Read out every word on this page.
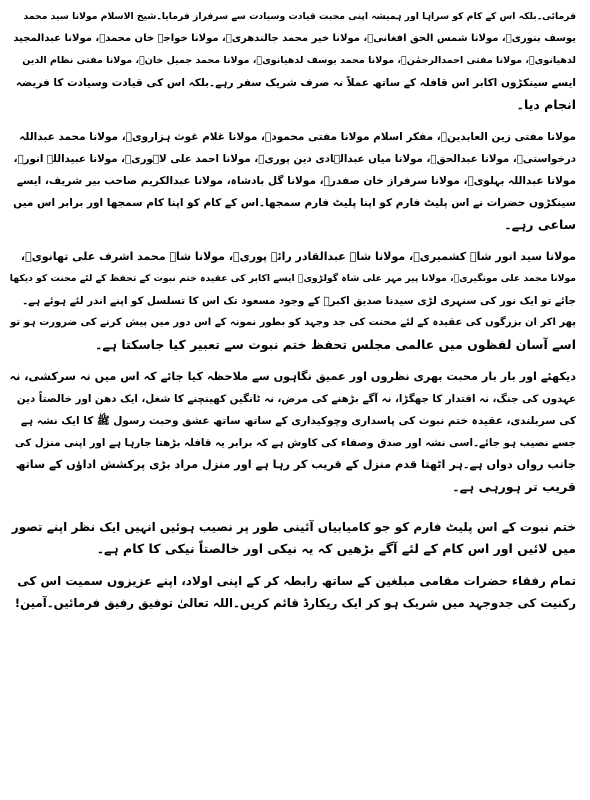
فرمائی۔بلکہ اس کے کام کو سراہا اور ہمیشہ اپنی محبت قیادت وسیادت سے سرفراز فرمایا۔شیخ الاسلام مولانا سید محمد
یوسف بنوریؒ، مولانا شمس الحق افغانیؒ، مولانا خیر محمد جالندھریؒ، مولانا خواجہ خان محمدؒ، مولانا عبدالمجید
لدھیانویؒ، مولانا مفتی احمدالرحمٰنؒ، مولانا محمد یوسف لدھیانویؒ، مولانا محمد جمیل خانؒ، مولانا مفتی نظام الدین
ایسے سینکڑوں اکابر اس قافلہ کے ساتھ عملاً نہ صرف شریک سفر رہے۔بلکہ اس کی قیادت وسیادت کا فریضہ
انجام دیا۔
مولانا مفتی زین العابدینؒ، مفکر اسلام مولانا مفتی محمودؒ، مولانا غلام غوث ہزارویؒ، مولانا محمد عبداللہ
درخواستیؒ، مولانا عبدالحقؒ، مولانا میاں عبدالہادی دین پوریؒ، مولانا احمد علی لاہوریؒ، مولانا عبیداللہ انورؒ،
مولانا عبداللہ بہلویؒ، مولانا سرفراز خان صفدرؒ، مولانا گل بادشاہ، مولانا عبدالکریم صاحب بیر شریف، ایسے
سینکڑوں حضرات نے اس پلیٹ فارم کو اپنا پلیٹ فارم سمجھا۔اس کے کام کو اپنا کام سمجھا اور برابر اس میں
ساعی رہے۔
مولانا سید انور شاہ کشمیریؒ، مولانا شاہ عبدالقادر رائے پوریؒ، مولانا شاہ محمد اشرف علی تھانویؒ،
مولانا محمد علی مونگیریؒ، مولانا پیر مہر علی شاہ گولڑویؒ ایسے اکابر کی عقیدہ ختم نبوت کے تحفظ کے لئے محنت کو دیکھا
جائے تو ایک نور کی سنہری لڑی سیدنا صدیق اکبرؓ کے وجود مسعود تک اس کا تسلسل کو اپنے اندر لئے ہوئے ہے۔
پھر اکر ان بزرگوں کی عقیدہ کے لئے محنت کی جد وجہد کو بطور نمونہ کے اس دور میں پیش کرنے کی ضرورت ہو تو
اسے آسان لفظوں میں عالمی مجلس تحفظ ختم نبوت سے تعبیر کیا جاسکتا ہے۔
دیکھئے اور بار بار محبت بھری نظروں اور عمیق نگاہوں سے ملاحظہ کیا جائے کہ اس میں نہ سرکشی، نہ
عہدوں کی جنگ، نہ اقتدار کا جھگڑا، نہ آگے بڑھنے کی مرض، نہ ٹانگیں کھینچنے کا شغل، ایک دھن اور خالصتاً دین
کی سربلندی، عقیدہ ختم نبوت کی پاسداری وچوکیداری کے ساتھ ساتھ عشق وحبت رسول ﷺ کا ایک نشہ ہے
جسے نصیب ہو جائے۔اسی نشہ اور صدق وصفاء کی کاوش ہے کہ برابر یہ قافلہ بڑھتا جارہا ہے اور اپنی منزل کی
جانب رواں دواں ہے۔ہر اٹھتا قدم منزل کے قریب کر رہا ہے اور منزل مراد بڑی پرکشش اداؤں کے ساتھ
قریب تر ہورہی ہے۔
ختم نبوت کے اس پلیٹ فارم کو جو کامیابیاں آئینی طور پر نصیب ہوئیں انہیں ایک نظر اپنے تصور
میں لائیں اور اس کام کے لئے آگے بڑھیں کہ یہ نیکی اور خالصتاً نیکی کا کام ہے۔
تمام رفقاء حضرات مقامی مبلغین کے ساتھ رابطہ کر کے اپنی اولاد، اپنے عزیزوں سمیت اس کی
رکنیت کی جدوجہد میں شریک ہو کر ایک ریکارڈ قائم کریں۔اللہ تعالیٰ توفیق رفیق فرمائیں۔آمین!
